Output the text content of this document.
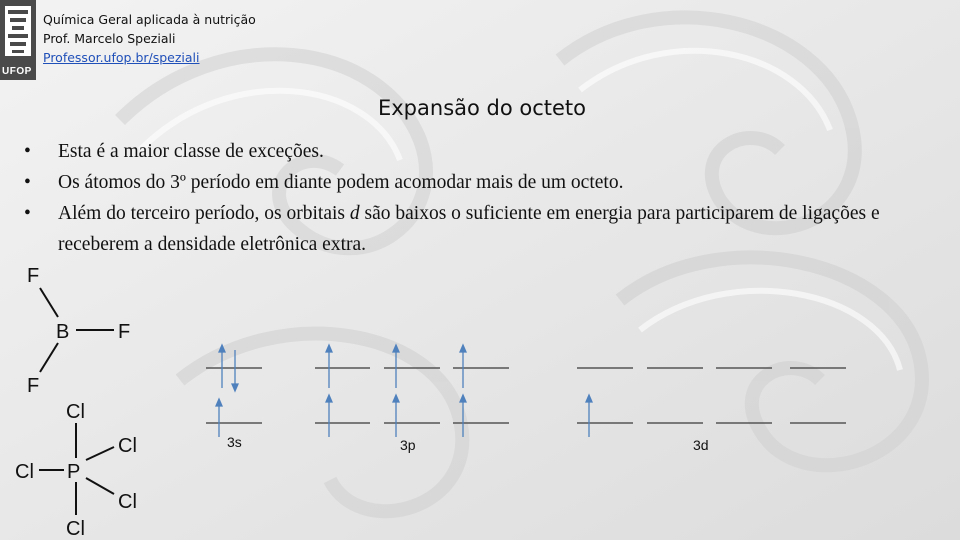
UFOP
Química Geral aplicada à nutrição
Prof. Marcelo Speziali
Professor.ufop.br/speziali
Expansão do octeto
• Esta é a maior classe de exceções.
• Os átomos do 3º período em diante podem acomodar mais de um octeto.
• Além do terceiro período, os orbitais d são baixos o suficiente em energia para participarem de ligações e receberem a densidade eletrônica extra.
F
B F
F
Cl
Cl
Cl P
Cl
Cl
3s	3p	3d
